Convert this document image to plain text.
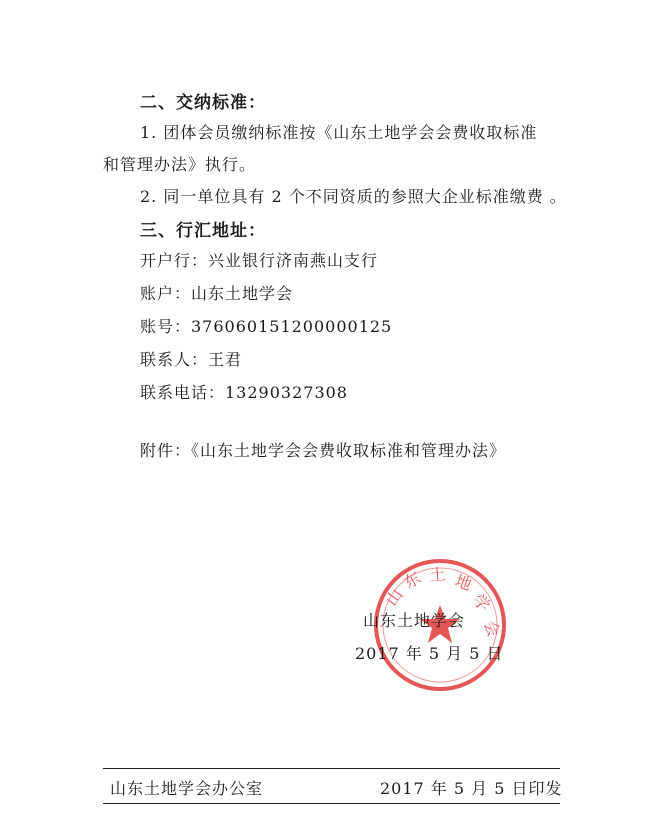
二、交纳标准：
1. 团体会员缴纳标准按《山东土地学会会费收取标准
和管理办法》执行。
2. 同一单位具有 2 个不同资质的参照大企业标准缴费 。
三、行汇地址：
开户行：兴业银行济南燕山支行
账户：山东土地学会
账号：376060151200000125
联系人：王君
联系电话：13290327308
附件：《山东土地学会会费收取标准和管理办法》
山
东 土 地
学
会
山东土地学会
2017 年 5 月 5 日
山东土地学会办公室	2017 年 5 月 5 日印发
